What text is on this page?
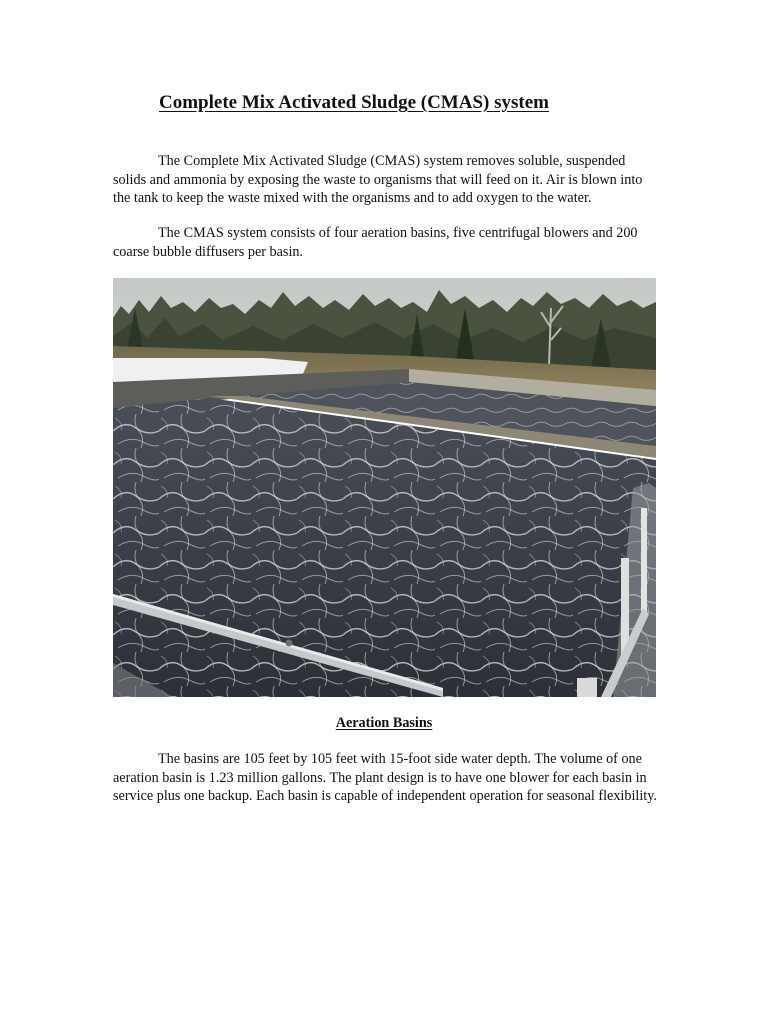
Complete Mix Activated Sludge (CMAS) system

The Complete Mix Activated Sludge (CMAS) system removes soluble, suspended solids and ammonia by exposing the waste to organisms that will feed on it. Air is blown into the tank to keep the waste mixed with the organisms and to add oxygen to the water.

The CMAS system consists of four aeration basins, five centrifugal blowers and 200 coarse bubble diffusers per basin.

Aeration Basins

The basins are 105 feet by 105 feet with 15-foot side water depth. The volume of one aeration basin is 1.23 million gallons. The plant design is to have one blower for each basin in service plus one backup. Each basin is capable of independent operation for seasonal flexibility.
